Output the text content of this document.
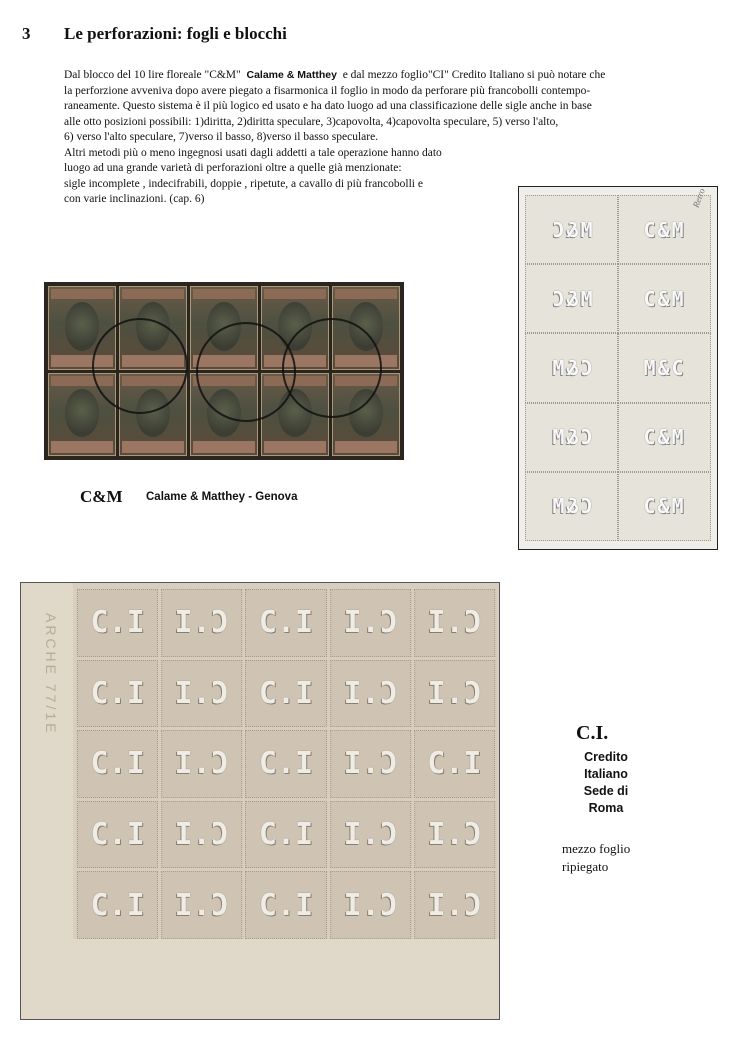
3 Le perforazioni: fogli e blocchi

Dal blocco del 10 lire floreale "C&M" Calame & Matthey e dal mezzo foglio"CI" Credito Italiano si può notare che

la perforzione avveniva dopo avere piegato a fisarmonica il foglio in modo da perforare più francobolli contempo-

raneamente. Questo sistema è il più logico ed usato e ha dato luogo ad una classificazione delle sigle anche in base

alle otto posizioni possibili: 1)diritta, 2)diritta speculare, 3)capovolta, 4)capovolta speculare, 5) verso l'alto,

6) verso l'alto speculare, 7)verso il basso, 8)verso il basso speculare.

Altri metodi più o meno ingegnosi usati dagli addetti a tale operazione hanno dato

luogo ad una grande varietà di perforazioni oltre a quelle già menzionate:

sigle incomplete , indecifrabili, doppie , ripetute, a cavallo di più francobolli e

con varie inclinazioni. (cap. 6)

C&M Calame & Matthey - Genova
M&C	C&M
M&C	C&M
C&M	M&C
C&M	C&M
C&M	C&M
Retro
ARCHE 77/1E	C.I	C.I	C.I	C.I	C.I
C.I	C.I	C.I	C.I	C.I
C.I	C.I	C.I	C.I	C.I
C.I	C.I	C.I	C.I	C.I
C.I	C.I	C.I	C.I	C.I
C.I.
Credito
Italiano
Sede di
Roma
mezzo foglio
ripiegato
